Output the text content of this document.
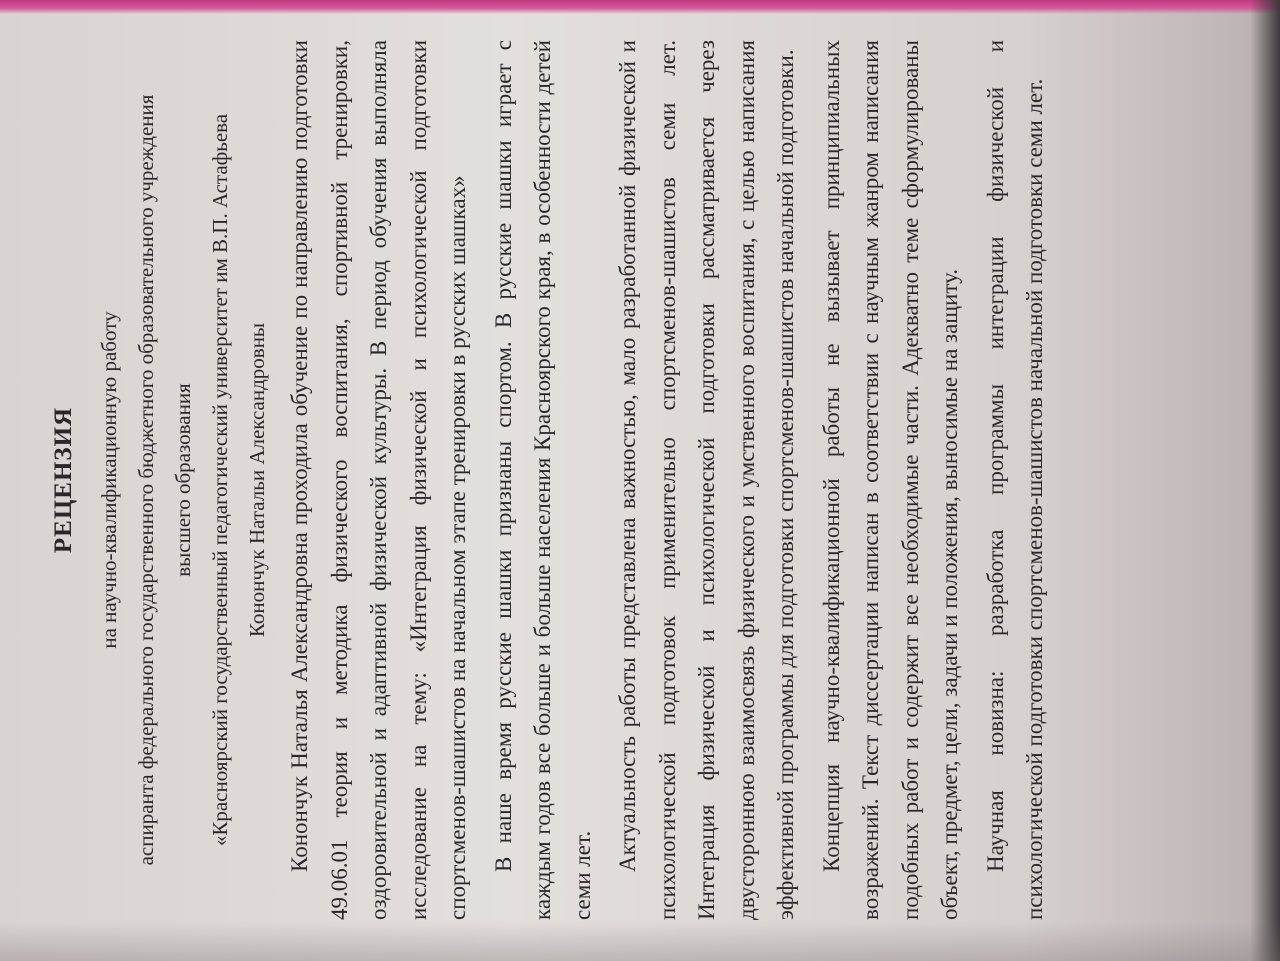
РЕЦЕНЗИЯ на научно-квалификационную работу аспиранта федерального государственного бюджетного образовательного учреждения высшего образования «Красноярский государственный педагогический университет им В.П. Астафьева Конончук Натальи Александровны Конончук Наталья Александровна проходила обучение по направлению подготовки 49.06.01 теория и методика физического воспитания, спортивной тренировки, оздоровительной и адаптивной физической культуры. В период обучения выполняла исследование на тему: «Интеграция физической и психологической подготовки спортсменов-шашистов на начальном этапе тренировки в русских шашках» В наше время русские шашки признаны спортом. В русские шашки играет с каждым годов все больше и больше населения Красноярского края, в особенности детей семи лет.

Актуальность работы представлена важностью, мало разработанной физической и психологической подготовок применительно спортсменов-шашистов семи лет. Интеграция физической и психологической подготовки рассматривается через двустороннюю взаимосвязь физического и умственного воспитания, с целью написания эффективной программы для подготовки спортсменов-шашистов начальной подготовки. Концепция научно-квалификационной работы не вызывает принципиальных возражений. Текст диссертации написан в соответствии с научным жанром написания подобных работ и содержит все необходимые части. Адекватно теме сформулированы объект, предмет, цели, задачи и положения, выносимые на защиту. Научная новизна: разработка программы интеграции физической и психологической подготовки спортсменов-шашистов начальной подготовки семи лет.
